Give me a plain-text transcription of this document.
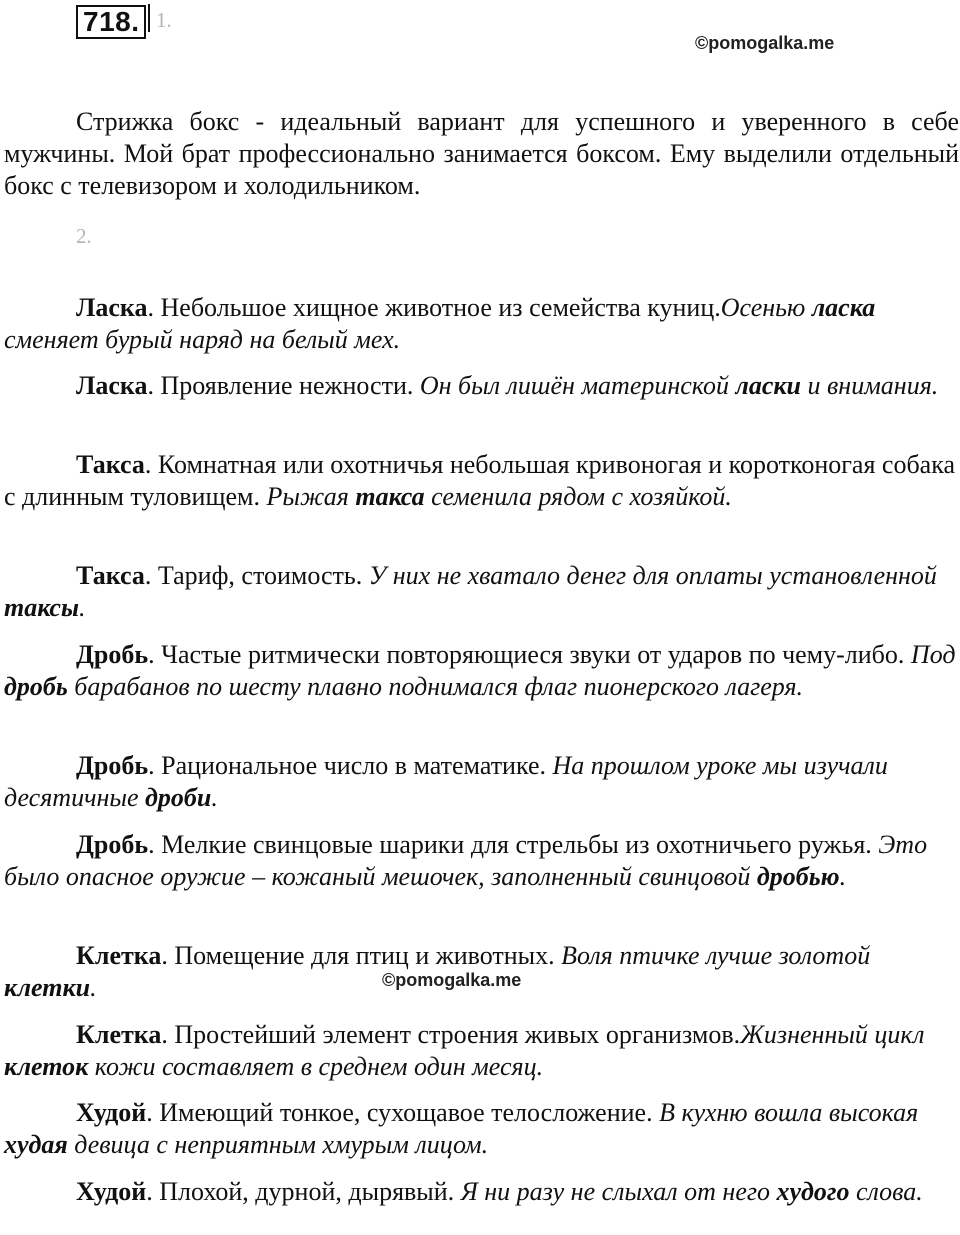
718. 1.
©pomogalka.me

Стрижка бокс - идеальный вариант для успешного и уверенного в себе мужчины. Мой брат профессионально занимается боксом. Ему выделили отдельный бокс с телевизором и холодильником.

2.

Ласка. Небольшое хищное животное из семейства куниц.Осенью ласка сменяет бурый наряд на белый мех.

Ласка. Проявление нежности. Он был лишён материнской ласки и внимания.

Такса. Комнатная или охотничья небольшая кривоногая и коротконогая собака с длинным туловищем. Рыжая такса семенила рядом с хозяйкой.

Такса. Тариф, стоимость. У них не хватало денег для оплаты установленной таксы.

Дробь. Частые ритмически повторяющиеся звуки от ударов по чему-либо. Под дробь барабанов по шесту плавно поднимался флаг пионерского лагеря.

Дробь. Рациональное число в математике. На прошлом уроке мы изучали десятичные дроби.

Дробь. Мелкие свинцовые шарики для стрельбы из охотничьего ружья. Это было опасное оружие – кожаный мешочек, заполненный свинцовой дробью.

Клетка. Помещение для птиц и животных. Воля птичке лучше золотой клетки.	©pomogalka.me

Клетка. Простейший элемент строения живых организмов.Жизненный цикл клеток кожи составляет в среднем один месяц.

Худой. Имеющий тонкое, сухощавое телосложение. В кухню вошла высокая худая девица с неприятным хмурым лицом.

Худой. Плохой, дурной, дырявый. Я ни разу не слыхал от него худого слова.
